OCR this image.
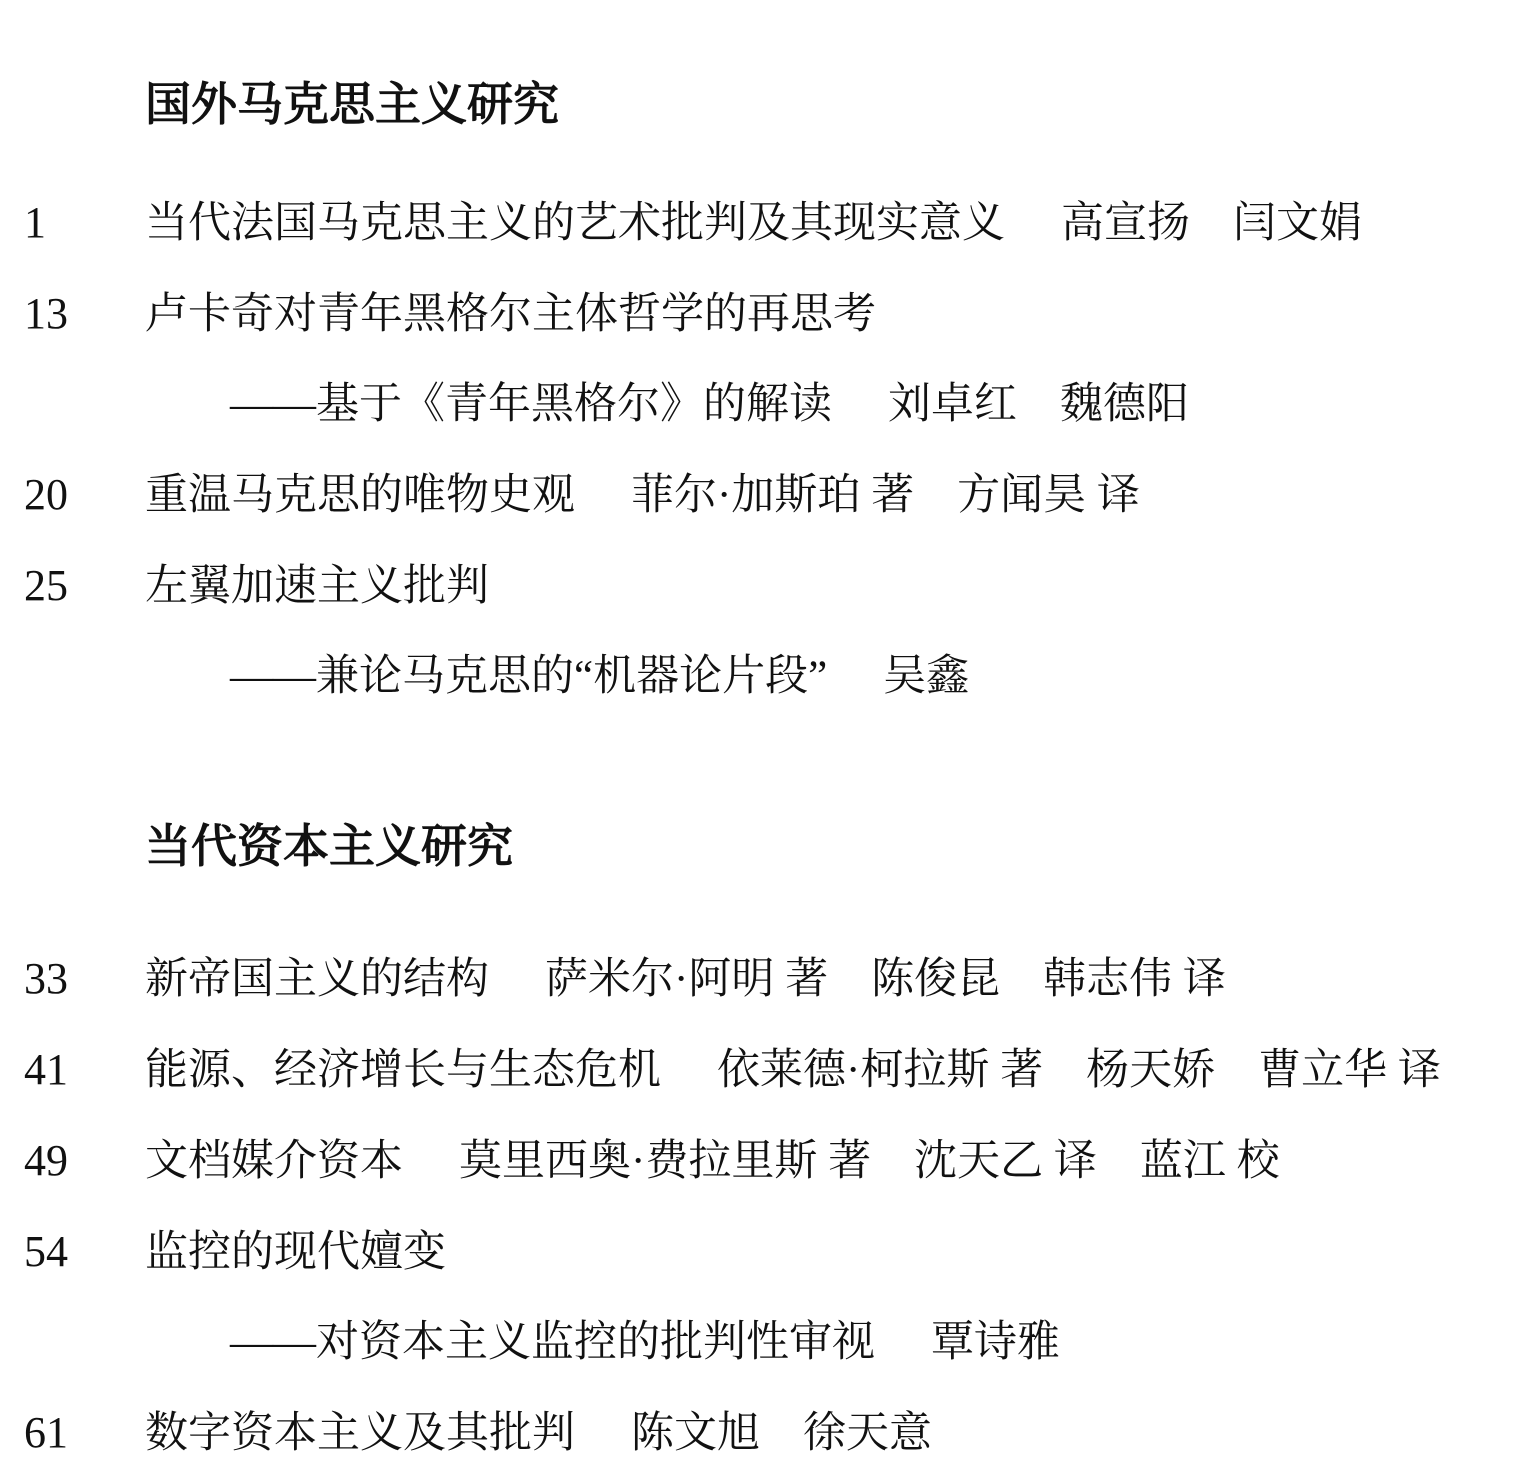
国外马克思主义研究
1	当代法国马克思主义的艺术批判及其现实意义 高宣扬　闫文娟
13	卢卡奇对青年黑格尔主体哲学的再思考
——基于《青年黑格尔》的解读 刘卓红　魏德阳
20	重温马克思的唯物史观 菲尔·加斯珀 著　方闻昊 译
25	左翼加速主义批判
——兼论马克思的“机器论片段” 吴鑫
当代资本主义研究
33	新帝国主义的结构 萨米尔·阿明 著　陈俊昆　韩志伟 译
41	能源、经济增长与生态危机 依莱德·柯拉斯 著　杨天娇　曹立华 译
49	文档媒介资本 莫里西奥·费拉里斯 著　沈天乙 译　蓝江 校
54	监控的现代嬗变
——对资本主义监控的批判性审视 覃诗雅
61	数字资本主义及其批判 陈文旭　徐天意
